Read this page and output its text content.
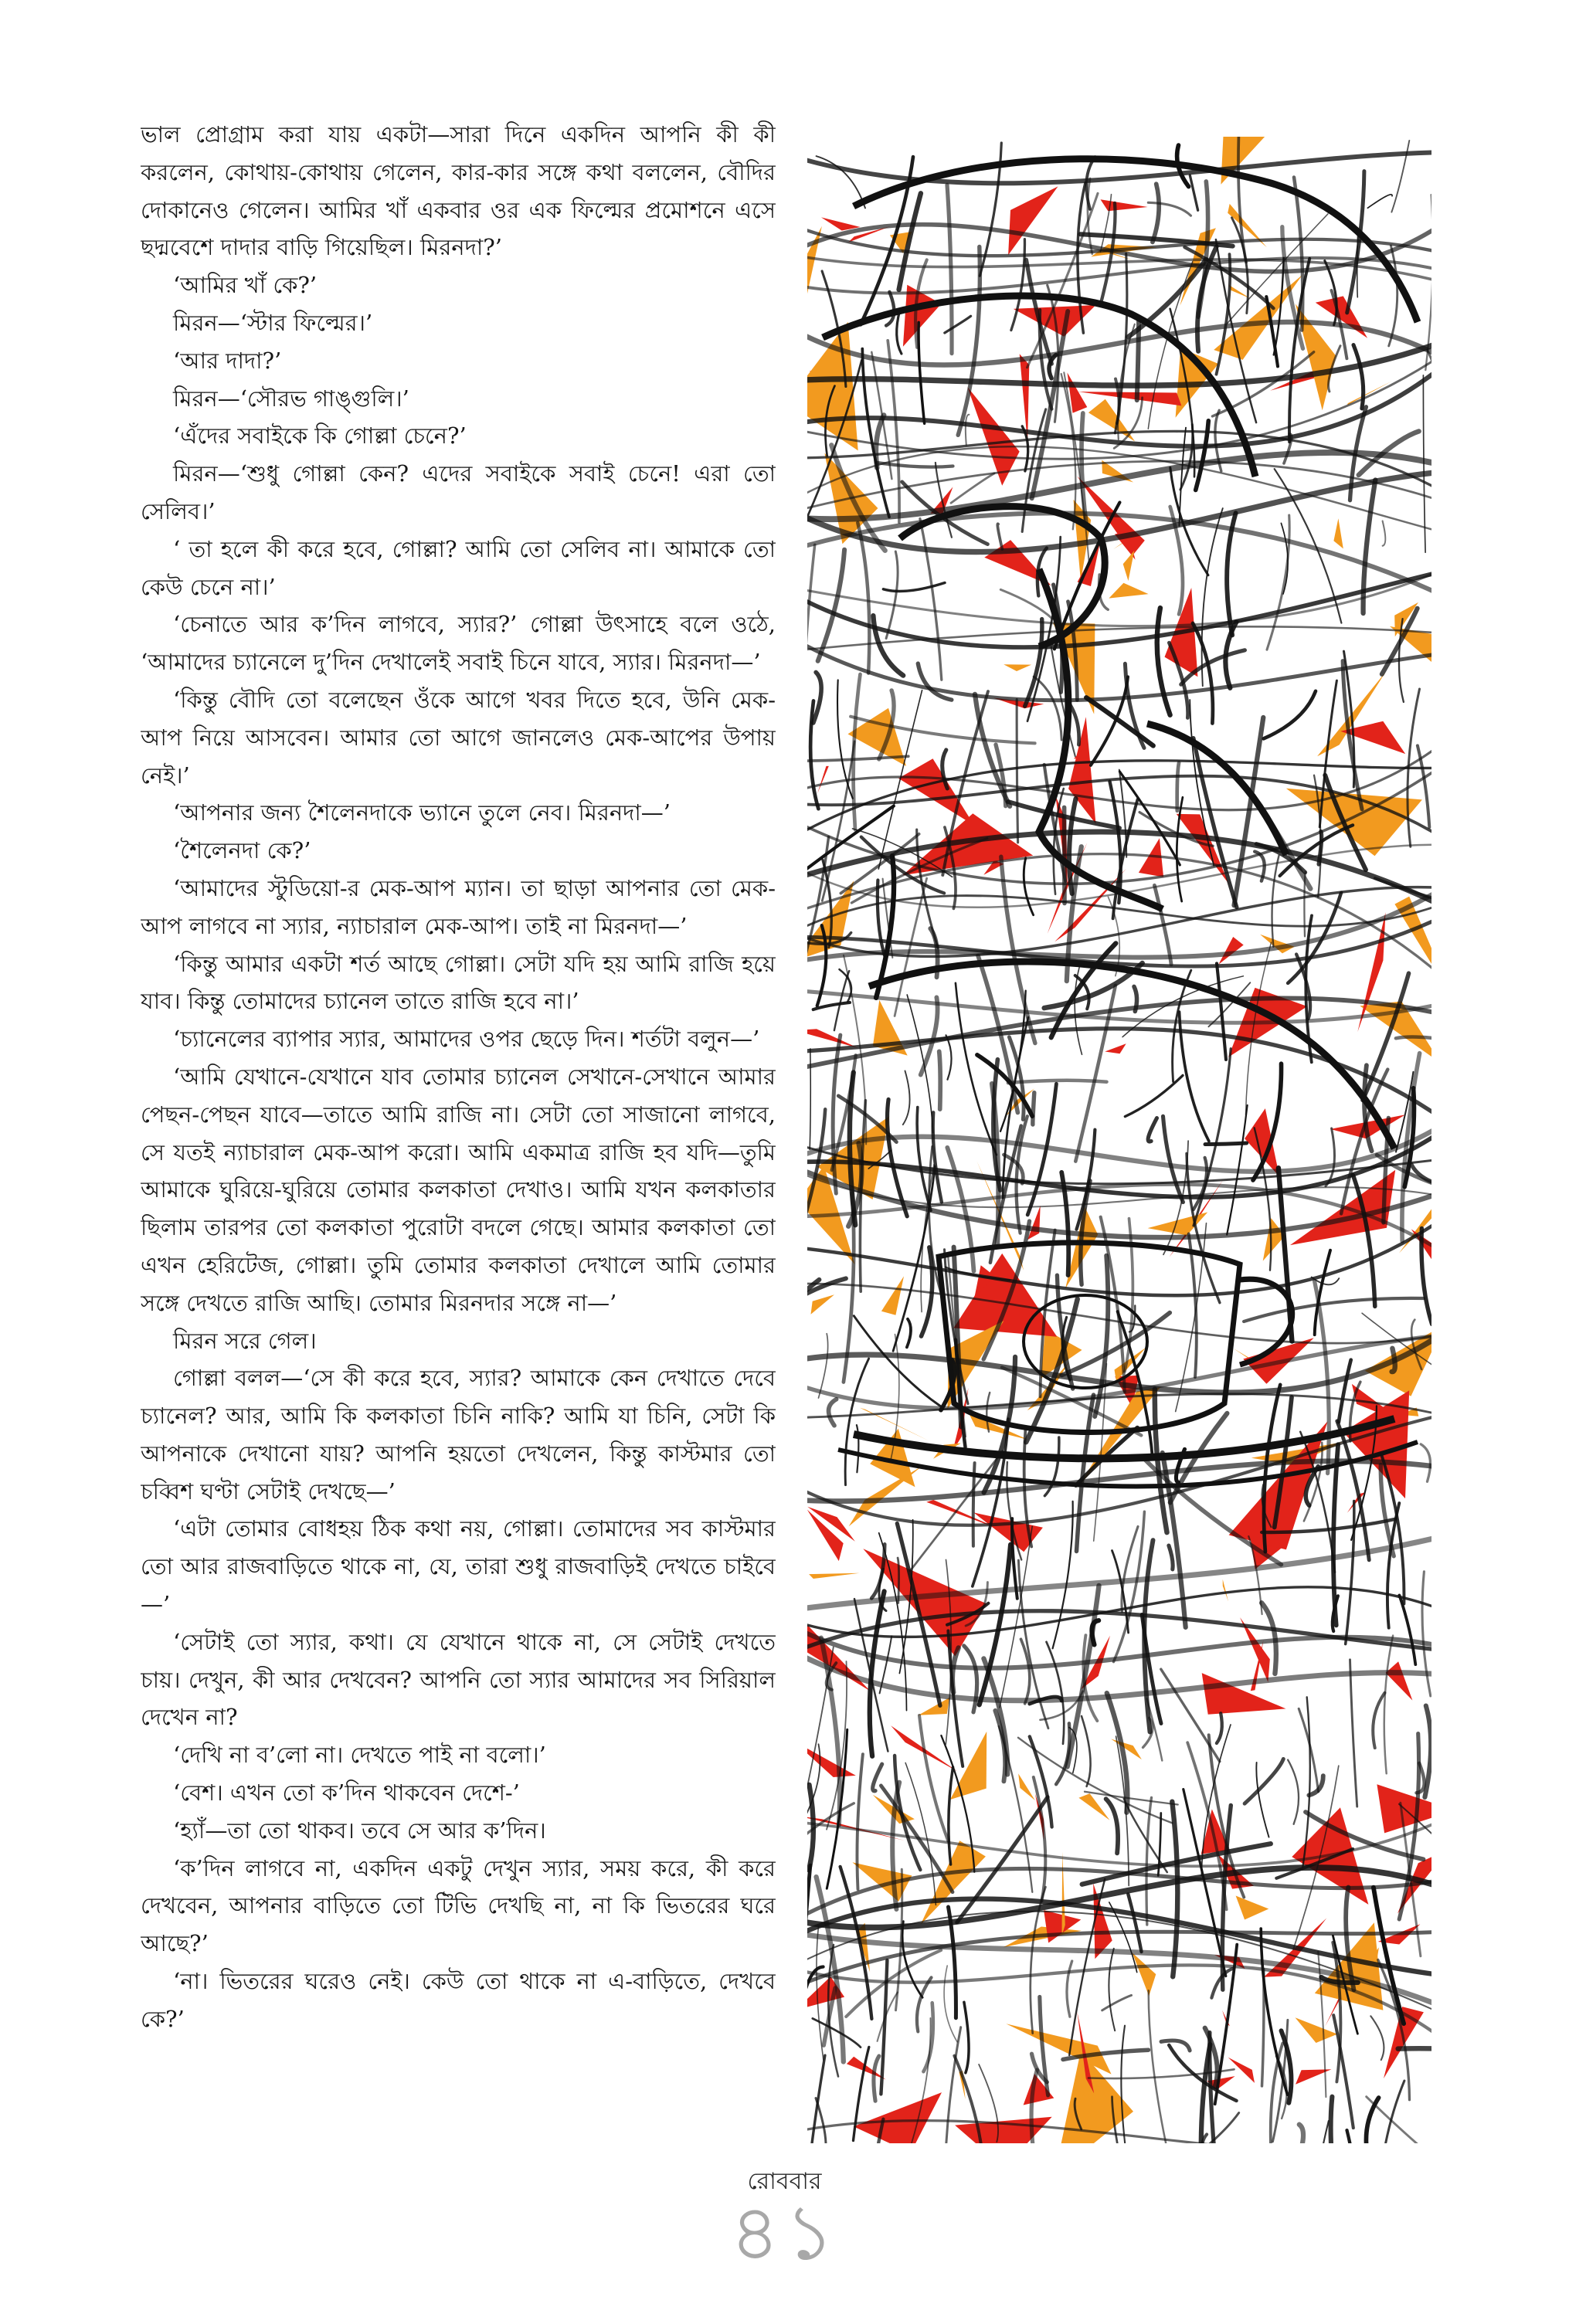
ভাল প্রোগ্রাম করা যায় একটা—সারা দিনে একদিন আপনি কী কী করলেন, কোথায়-কোথায় গেলেন, কার-কার সঙ্গে কথা বললেন, বৌদির দোকানেও গেলেন। আমির খাঁ একবার ওর এক ফিল্মের প্রমোশনে এসে ছদ্মবেশে দাদার বাড়ি গিয়েছিল। মিরনদা?’

‘আমির খাঁ কে?’

মিরন—‘স্টার ফিল্মের।’

‘আর দাদা?’

মিরন—‘সৌরভ গাঙ্গুলি।’

‘এঁদের সবাইকে কি গোল্লা চেনে?’

মিরন—‘শুধু গোল্লা কেন? এদের সবাইকে সবাই চেনে! এরা তো সেলিব।’

‘ তা হলে কী করে হবে, গোল্লা? আমি তো সেলিব না। আমাকে তো কেউ চেনে না।’

‘চেনাতে আর ক’দিন লাগবে, স্যার?’ গোল্লা উৎসাহে বলে ওঠে, ‘আমাদের চ্যানেলে দু’দিন দেখালেই সবাই চিনে যাবে, স্যার। মিরনদা—’

‘কিন্তু বৌদি তো বলেছেন ওঁকে আগে খবর দিতে হবে, উনি মেক-আপ নিয়ে আসবেন। আমার তো আগে জানলেও মেক-আপের উপায় নেই।’

‘আপনার জন্য শৈলেনদাকে ভ্যানে তুলে নেব। মিরনদা—’

‘শৈলেনদা কে?’

‘আমাদের স্টুডিয়ো-র মেক-আপ ম্যান। তা ছাড়া আপনার তো মেক-আপ লাগবে না স্যার, ন্যাচারাল মেক-আপ। তাই না মিরনদা—’

‘কিন্তু আমার একটা শর্ত আছে গোল্লা। সেটা যদি হয় আমি রাজি হয়ে যাব। কিন্তু তোমাদের চ্যানেল তাতে রাজি হবে না।’

‘চ্যানেলের ব্যাপার স্যার, আমাদের ওপর ছেড়ে দিন। শর্তটা বলুন—’

‘আমি যেখানে-যেখানে যাব তোমার চ্যানেল সেখানে-সেখানে আমার পেছন-পেছন যাবে—তাতে আমি রাজি না। সেটা তো সাজানো লাগবে, সে যতই ন্যাচারাল মেক-আপ করো। আমি একমাত্র রাজি হব যদি—তুমি আমাকে ঘুরিয়ে-ঘুরিয়ে তোমার কলকাতা দেখাও। আমি যখন কলকাতার ছিলাম তারপর তো কলকাতা পুরোটা বদলে গেছে। আমার কলকাতা তো এখন হেরিটেজ, গোল্লা। তুমি তোমার কলকাতা দেখালে আমি তোমার সঙ্গে দেখতে রাজি আছি। তোমার মিরনদার সঙ্গে না—’

মিরন সরে গেল।

গোল্লা বলল—‘সে কী করে হবে, স্যার? আমাকে কেন দেখাতে দেবে চ্যানেল? আর, আমি কি কলকাতা চিনি নাকি? আমি যা চিনি, সেটা কি আপনাকে দেখানো যায়? আপনি হয়তো দেখলেন, কিন্তু কাস্টমার তো চব্বিশ ঘণ্টা সেটাই দেখছে—’

‘এটা তোমার বোধহয় ঠিক কথা নয়, গোল্লা। তোমাদের সব কাস্টমার তো আর রাজবাড়িতে থাকে না, যে, তারা শুধু রাজবাড়িই দেখতে চাইবে—’

‘সেটাই তো স্যার, কথা। যে যেখানে থাকে না, সে সেটাই দেখতে চায়। দেখুন, কী আর দেখবেন? আপনি তো স্যার আমাদের সব সিরিয়াল দেখেন না?

‘দেখি না ব’লো না। দেখতে পাই না বলো।’

‘বেশ। এখন তো ক’দিন থাকবেন দেশে-’

‘হ্যাঁ—তা তো থাকব। তবে সে আর ক’দিন।

‘ক’দিন লাগবে না, একদিন একটু দেখুন স্যার, সময় করে, কী করে দেখবেন, আপনার বাড়িতে তো টিভি দেখছি না, না কি ভিতরের ঘরে আছে?’

‘না। ভিতরের ঘরেও নেই। কেউ তো থাকে না এ-বাড়িতে, দেখবে কে?’

রোববার
৪১
